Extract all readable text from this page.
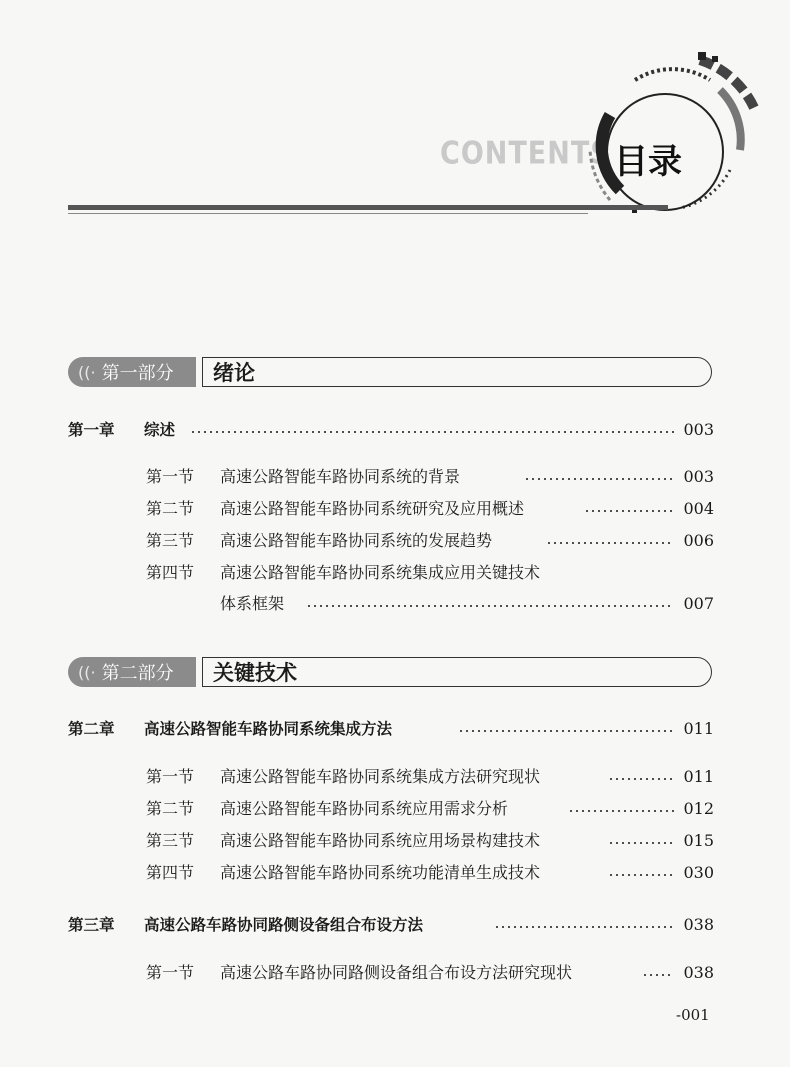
CONTENTS 目录
((· 第一部分	绪论
第一章 综述	003
第一节 高速公路智能车路协同系统的背景	003
第二节 高速公路智能车路协同系统研究及应用概述	004
第三节 高速公路智能车路协同系统的发展趋势	006
第四节 高速公路智能车路协同系统集成应用关键技术
体系框架	007
((· 第二部分	关键技术
第二章 高速公路智能车路协同系统集成方法	011
第一节 高速公路智能车路协同系统集成方法研究现状	011
第二节 高速公路智能车路协同系统应用需求分析	012
第三节 高速公路智能车路协同系统应用场景构建技术	015
第四节 高速公路智能车路协同系统功能清单生成技术	030
第三章 高速公路车路协同路侧设备组合布设方法	038
第一节 高速公路车路协同路侧设备组合布设方法研究现状	038
-001
